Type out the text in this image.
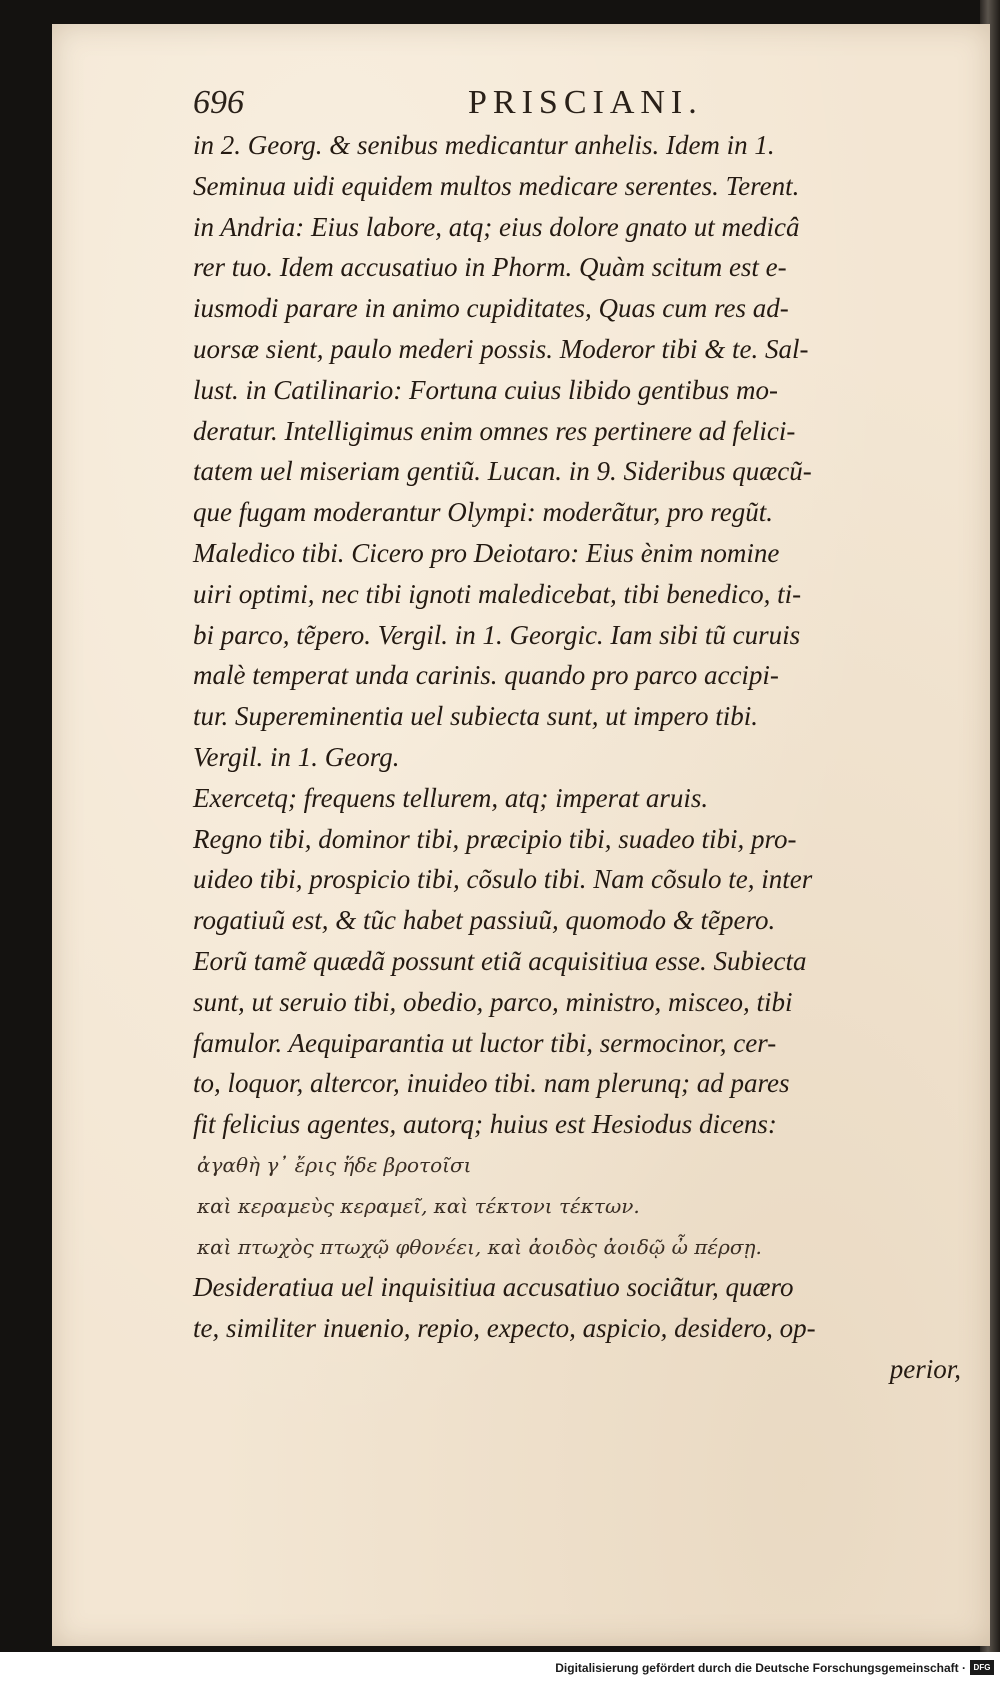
696	PRISCIANI.
in 2. Georg. & senibus medicantur anhelis. Idem in 1.
Seminua uidi equidem multos medicare serentes. Terent.
in Andria: Eius labore, atq; eius dolore gnato ut medicâ
rer tuo. Idem accusatiuo in Phorm. Quàm scitum est e-
iusmodi parare in animo cupiditates, Quas cum res ad-
uorsæ sient, paulo mederi possis. Moderor tibi & te. Sal-
lust. in Catilinario: Fortuna cuius libido gentibus mo-
deratur. Intelligimus enim omnes res pertinere ad felici-
tatem uel miseriam gentiũ. Lucan. in 9. Sideribus quæcũ-
que fugam moderantur Olympi: moderãtur, pro regũt.
Maledico tibi. Cicero pro Deiotaro: Eius ènim nomine
uiri optimi, nec tibi ignoti maledicebat, tibi benedico, ti-
bi parco, tẽpero. Vergil. in 1. Georgic. Iam sibi tũ curuis
malè temperat unda carinis. quando pro parco accipi-
tur. Supereminentia uel subiecta sunt, ut impero tibi.
Vergil. in 1. Georg.
Exercetq; frequens tellurem, atq; imperat aruis.
Regno tibi, dominor tibi, præcipio tibi, suadeo tibi, pro-
uideo tibi, prospicio tibi, cõsulo tibi. Nam cõsulo te, inter
rogatiuũ est, & tũc habet passiuũ, quomodo & tẽpero.
Eorũ tamẽ quædã possunt etiã acquisitiua esse. Subiecta
sunt, ut seruio tibi, obedio, parco, ministro, misceo, tibi
famulor. Aequiparantia ut luctor tibi, sermocinor, cer-
to, loquor, altercor, inuideo tibi. nam plerunq; ad pares
fit felicius agentes, autorq; huius est Hesiodus dicens:
ἀγαθὴ γ᾽ ἔρις ἥδε βροτοῖσι
καὶ κεραμεὺς κεραμεῖ, καὶ τέκτονι τέκτων.
καὶ πτωχὸς πτωχῷ φθονέει, καὶ ἀοιδὸς ἀοιδῷ ὦ πέρσῃ.
Desideratiua uel inquisitiua accusatiuo sociãtur, quæro
te, similiter inuenio, repio, expecto, aspicio, desidero, op-
perior,
Digitalisierung gefördert durch die Deutsche Forschungsgemeinschaft · DFG
